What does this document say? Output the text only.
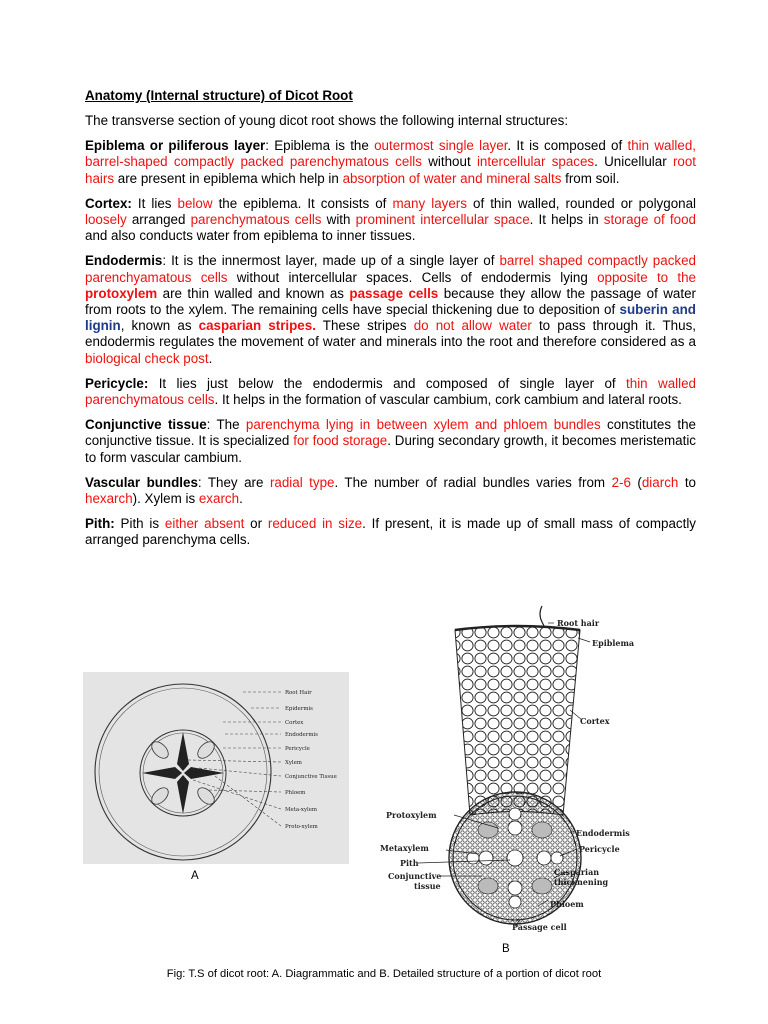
Anatomy (Internal structure) of Dicot Root

The transverse section of young dicot root shows the following internal structures:

Epiblema or piliferous layer: Epiblema is the outermost single layer. It is composed of thin walled, barrel-shaped compactly packed parenchymatous cells without intercellular spaces. Unicellular root hairs are present in epiblema which help in absorption of water and mineral salts from soil.

Cortex: It lies below the epiblema. It consists of many layers of thin walled, rounded or polygonal loosely arranged parenchymatous cells with prominent intercellular space. It helps in storage of food and also conducts water from epiblema to inner tissues.

Endodermis: It is the innermost layer, made up of a single layer of barrel shaped compactly packed parenchyamatous cells without intercellular spaces. Cells of endodermis lying opposite to the protoxylem are thin walled and known as passage cells because they allow the passage of water from roots to the xylem. The remaining cells have special thickening due to deposition of suberin and lignin, known as casparian stripes. These stripes do not allow water to pass through it. Thus, endodermis regulates the movement of water and minerals into the root and therefore considered as a biological check post.

Pericycle: It lies just below the endodermis and composed of single layer of thin walled parenchymatous cells. It helps in the formation of vascular cambium, cork cambium and lateral roots.

Conjunctive tissue: The parenchyma lying in between xylem and phloem bundles constitutes the conjunctive tissue. It is specialized for food storage. During secondary growth, it becomes meristematic to form vascular cambium.

Vascular bundles: They are radial type. The number of radial bundles varies from 2-6 (diarch to hexarch). Xylem is exarch.

Pith: Pith is either absent or reduced in size. If present, it is made up of small mass of compactly arranged parenchyma cells.

Root Hair
Epidermis
Cortex
Endodermis
Pericycle
Xylem
Conjunctive Tissue
Phloem
Meta-xylem
Proto-xylem
A
Root hair
Epiblema
Cortex
Protoxylem
Endodermis
Metaxylem	Pericycle
Pith
Conjunctive
tissue
Casparian
thicknening
Phloem
Passage cell
B
Fig: T.S of dicot root: A. Diagrammatic and B. Detailed structure of a portion of dicot root
